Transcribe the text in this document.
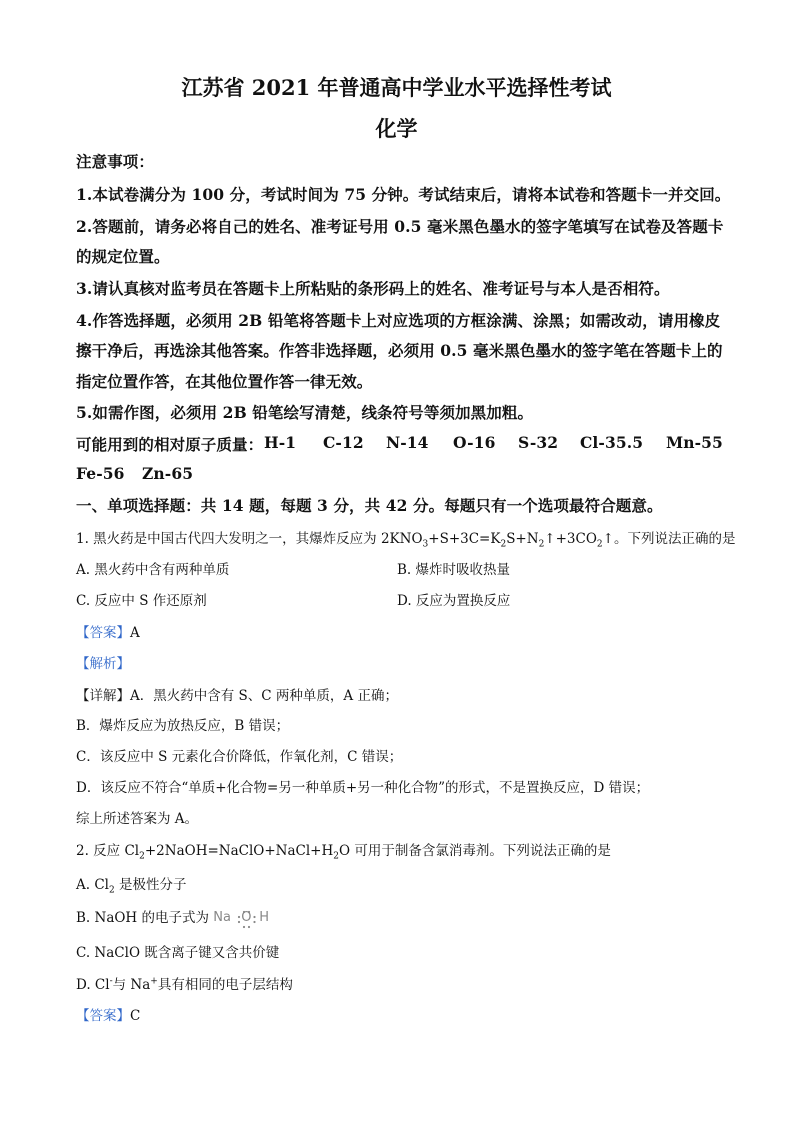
江苏省 2021 年普通高中学业水平选择性考试
化学
注意事项：
1.本试卷满分为 100 分，考试时间为 75 分钟。考试结束后，请将本试卷和答题卡一并交回。
2.答题前，请务必将自己的姓名、准考证号用 0.5 毫米黑色墨水的签字笔填写在试卷及答题卡
的规定位置。
3.请认真核对监考员在答题卡上所粘贴的条形码上的姓名、准考证号与本人是否相符。
4.作答选择题，必须用 2B 铅笔将答题卡上对应选项的方框涂满、涂黑；如需改动，请用橡皮
擦干净后，再选涂其他答案。作答非选择题，必须用 0.5 毫米黑色墨水的签字笔在答题卡上的
指定位置作答，在其他位置作答一律无效。
5.如需作图，必须用 2B 铅笔绘写清楚，线条符号等须加黑加粗。
可能用到的相对原子质量： H-1 C-12 N-14 O-16 S-32 Cl-35.5 Mn-55
Fe-56 Zn-65
一、单项选择题：共 14 题，每题 3 分，共 42 分。每题只有一个选项最符合题意。
1. 黑火药是中国古代四大发明之一，其爆炸反应为 $2KNO_3+S+3C=K_2S+N_2↑+3CO_2↑$。下列说法正确的是
A. 黑火药中含有两种单质	B. 爆炸时吸收热量
C. 反应中 S 作还原剂	D. 反应为置换反应
【答案】A
【解析】
【详解】A．黑火药中含有 S、C 两种单质，A 正确；
B．爆炸反应为放热反应，B 错误；
C．该反应中 S 元素化合价降低，作氧化剂，C 错误；
D．该反应不符合“单质+化合物=另一种单质+另一种化合物”的形式，不是置换反应，D 错误；
综上所述答案为 A。
2. 反应 $Cl_2+2NaOH=NaClO+NaCl+H_2O$ 可用于制备含氯消毒剂。下列说法正确的是
A. $Cl_2$ 是极性分子
B. NaOH 的电子式为 Na O H
C. NaClO 既含离子键又含共价键
D. Cl-与 Na+具有相同的电子层结构
【答案】C
